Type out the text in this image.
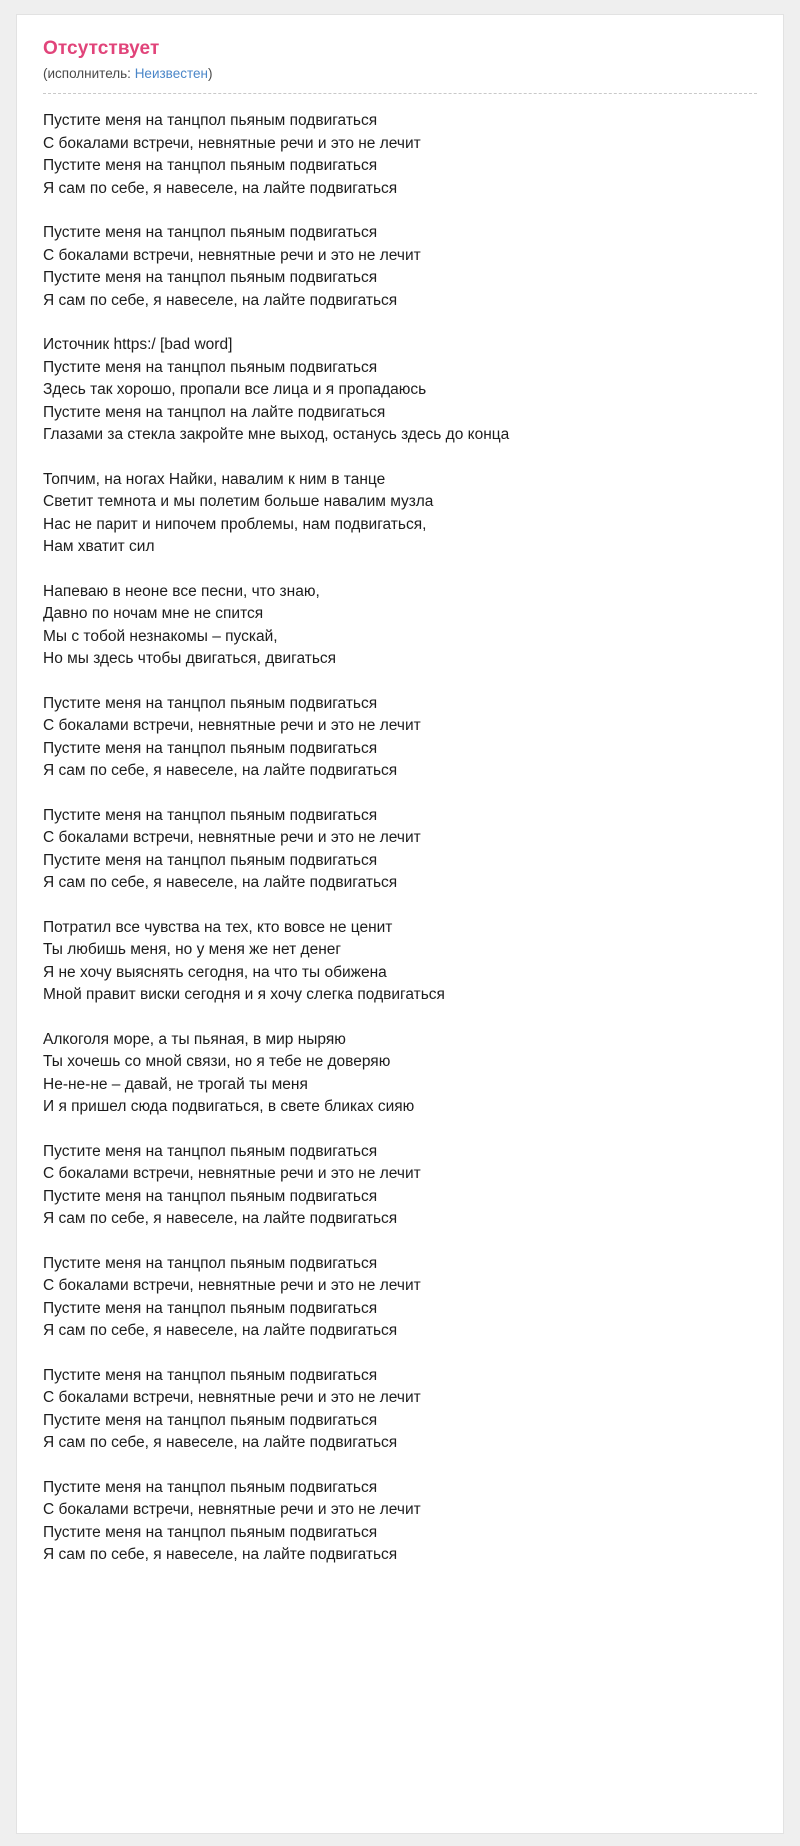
Отсутствует

(исполнитель: Неизвестен)

Пустите меня на танцпол пьяным подвигаться
С бокалами встречи, невнятные речи и это не лечит
Пустите меня на танцпол пьяным подвигаться
Я сам по себе, я навеселе, на лайте подвигаться

Пустите меня на танцпол пьяным подвигаться
С бокалами встречи, невнятные речи и это не лечит
Пустите меня на танцпол пьяным подвигаться
Я сам по себе, я навеселе, на лайте подвигаться

Источник https:/ [bad word]
Пустите меня на танцпол пьяным подвигаться
Здесь так хорошо, пропали все лица и я пропадаюсь
Пустите меня на танцпол на лайте подвигаться
Глазами за стекла закройте мне выход, останусь здесь до конца

Топчим, на ногах Найки, навалим к ним в танце
Светит темнота и мы полетим больше навалим музла
Нас не парит и нипочем проблемы, нам подвигаться,
Нам хватит сил

Напеваю в неоне все песни, что знаю,
Давно по ночам мне не спится
Мы с тобой незнакомы – пускай,
Но мы здесь чтобы двигаться, двигаться

Пустите меня на танцпол пьяным подвигаться
С бокалами встречи, невнятные речи и это не лечит
Пустите меня на танцпол пьяным подвигаться
Я сам по себе, я навеселе, на лайте подвигаться

Пустите меня на танцпол пьяным подвигаться
С бокалами встречи, невнятные речи и это не лечит
Пустите меня на танцпол пьяным подвигаться
Я сам по себе, я навеселе, на лайте подвигаться

Потратил все чувства на тех, кто вовсе не ценит
Ты любишь меня, но у меня же нет денег
Я не хочу выяснять сегодня, на что ты обижена
Мной правит виски сегодня и я хочу слегка подвигаться

Алкоголя море, а ты пьяная, в мир ныряю
Ты хочешь со мной связи, но я тебе не доверяю
Не-не-не – давай, не трогай ты меня
И я пришел сюда подвигаться, в свете бликах сияю

Пустите меня на танцпол пьяным подвигаться
С бокалами встречи, невнятные речи и это не лечит
Пустите меня на танцпол пьяным подвигаться
Я сам по себе, я навеселе, на лайте подвигаться

Пустите меня на танцпол пьяным подвигаться
С бокалами встречи, невнятные речи и это не лечит
Пустите меня на танцпол пьяным подвигаться
Я сам по себе, я навеселе, на лайте подвигаться

Пустите меня на танцпол пьяным подвигаться
С бокалами встречи, невнятные речи и это не лечит
Пустите меня на танцпол пьяным подвигаться
Я сам по себе, я навеселе, на лайте подвигаться

Пустите меня на танцпол пьяным подвигаться
С бокалами встречи, невнятные речи и это не лечит
Пустите меня на танцпол пьяным подвигаться
Я сам по себе, я навеселе, на лайте подвигаться
